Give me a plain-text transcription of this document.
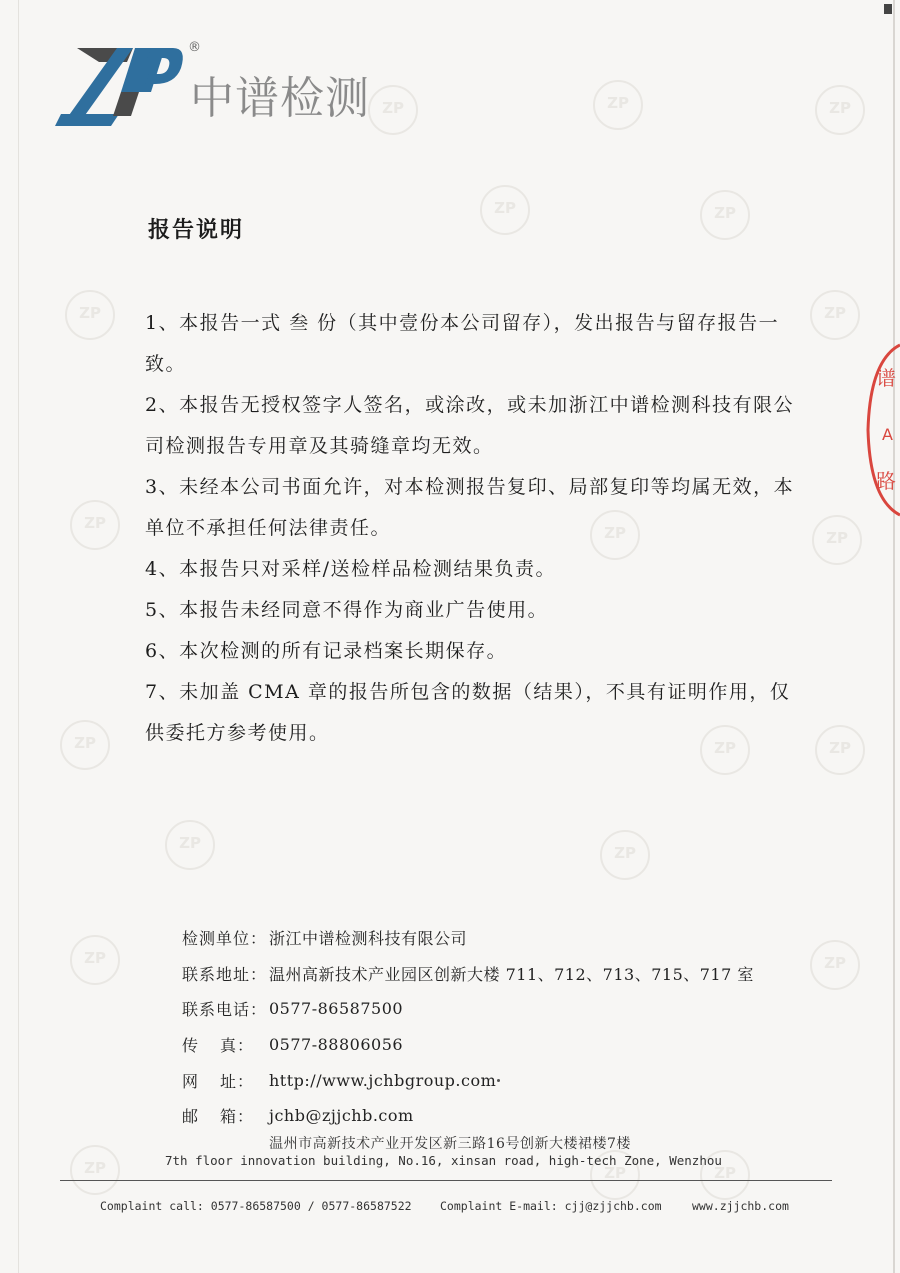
ZP
ZP
ZP
ZP
ZP
ZP
ZP
ZP
ZP
ZP
ZP
ZP
ZP
ZP
ZP
ZP
ZP
ZP
ZP
ZP
®
中谱检测
谱
A
路
报告说明
1、本报告一式 叁 份（其中壹份本公司留存），发出报告与留存报告一致。
2、本报告无授权签字人签名，或涂改，或未加浙江中谱检测科技有限公司检测报告专用章及其骑缝章均无效。
3、未经本公司书面允许，对本检测报告复印、局部复印等均属无效，本单位不承担任何法律责任。
4、本报告只对采样/送检样品检测结果负责。
5、本报告未经同意不得作为商业广告使用。
6、本次检测的所有记录档案长期保存。
7、未加盖 CMA 章的报告所包含的数据（结果），不具有证明作用，仅供委托方参考使用。
检测单位： 浙江中谱检测科技有限公司
联系地址： 温州高新技术产业园区创新大楼 711、712、713、715、717 室
联系电话： 0577-86587500
传 真： 0577-88806056
网 址： http://www.jchbgroup.com
邮 箱： jchb@zjjchb.com
温州市高新技术产业开发区新三路16号创新大楼裙楼7楼
7th floor innovation building, No.16, xinsan road, high-tech Zone, Wenzhou
Complaint call: 0577-86587500 / 0577-86587522 Complaint E-mail: cjj@zjjchb.com	www.zjjchb.com
